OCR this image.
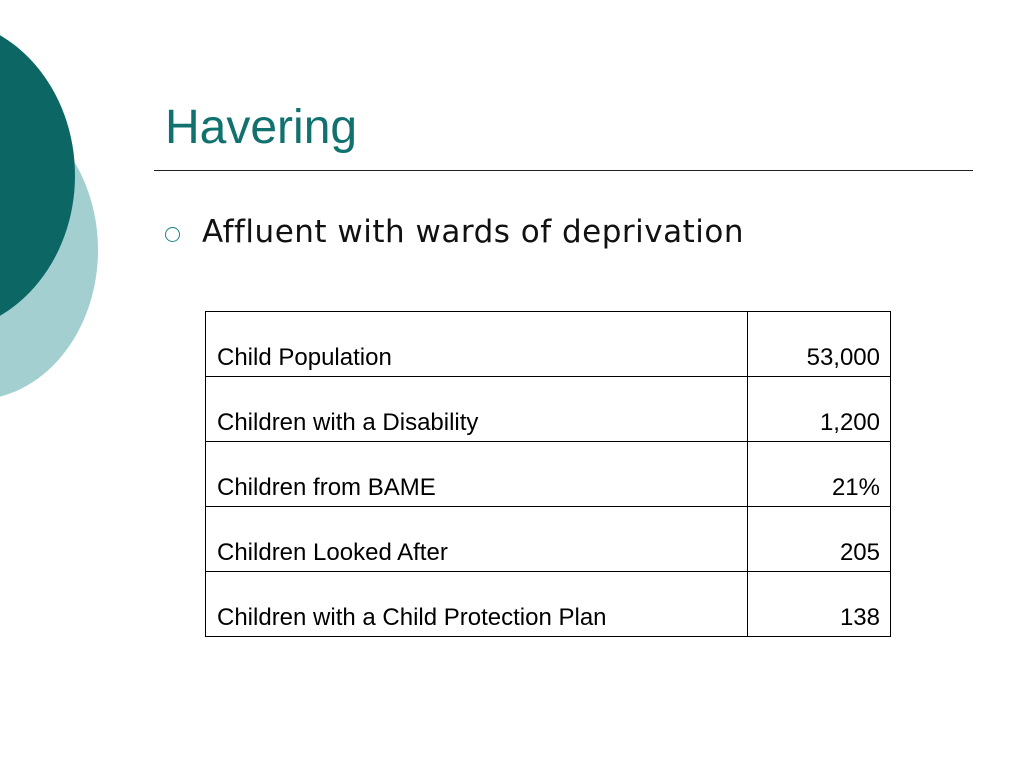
Havering
Affluent with wards of deprivation
Child Population	53,000
Children with a Disability	1,200
Children from BAME	21%
Children Looked After	205
Children with a Child Protection Plan	138
